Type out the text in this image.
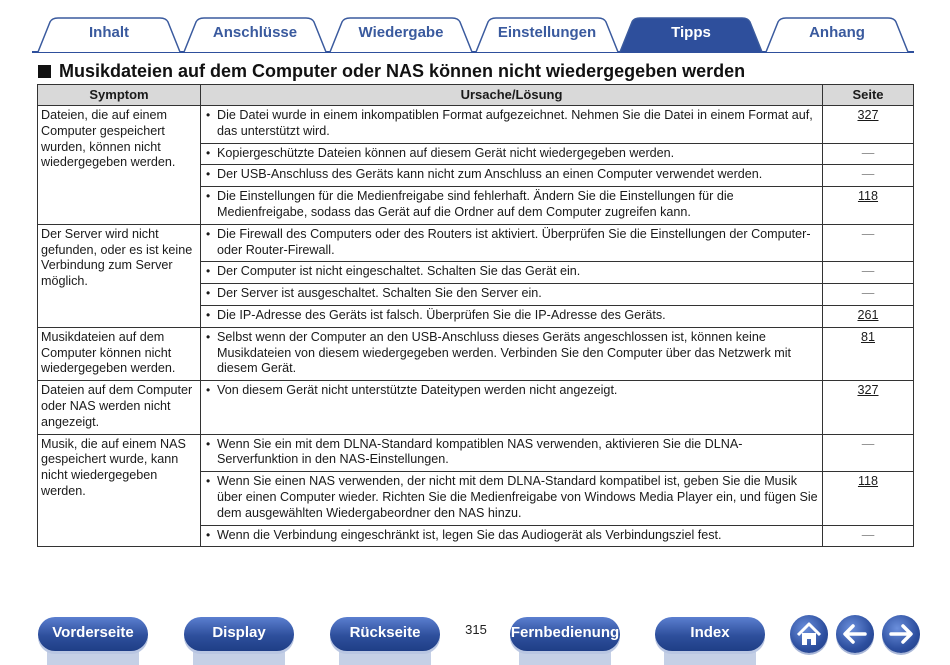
Inhalt	Anschlüsse	Wiedergabe	Einstellungen	Tipps	Anhang
Musikdateien auf dem Computer oder NAS können nicht wiedergegeben werden
Symptom	Ursache/Lösung	Seite
Dateien, die auf einem Computer gespeichert wurden, können nicht wiedergegeben werden.	• Die Datei wurde in einem inkompatiblen Format aufgezeichnet. Nehmen Sie die Datei in einem Format auf, das unterstützt wird.	327
	• Kopiergeschützte Dateien können auf diesem Gerät nicht wiedergegeben werden.	—
	• Der USB-Anschluss des Geräts kann nicht zum Anschluss an einen Computer verwendet werden.	—
	• Die Einstellungen für die Medienfreigabe sind fehlerhaft. Ändern Sie die Einstellungen für die Medienfreigabe, sodass das Gerät auf die Ordner auf dem Computer zugreifen kann.	118
Der Server wird nicht gefunden, oder es ist keine Verbindung zum Server möglich.	• Die Firewall des Computers oder des Routers ist aktiviert. Überprüfen Sie die Einstellungen der Computer- oder Router-Firewall.	—
	• Der Computer ist nicht eingeschaltet. Schalten Sie das Gerät ein.	—
	• Der Server ist ausgeschaltet. Schalten Sie den Server ein.	—
	• Die IP-Adresse des Geräts ist falsch. Überprüfen Sie die IP-Adresse des Geräts.	261
Musikdateien auf dem Computer können nicht wiedergegeben werden.	• Selbst wenn der Computer an den USB-Anschluss dieses Geräts angeschlossen ist, können keine Musikdateien von diesem wiedergegeben werden. Verbinden Sie den Computer über das Netzwerk mit diesem Gerät.	81
Dateien auf dem Computer oder NAS werden nicht angezeigt.	• Von diesem Gerät nicht unterstützte Dateitypen werden nicht angezeigt.	327
Musik, die auf einem NAS gespeichert wurde, kann nicht wiedergegeben werden.	• Wenn Sie ein mit dem DLNA-Standard kompatiblen NAS verwenden, aktivieren Sie die DLNA-Serverfunktion in den NAS-Einstellungen.	—
	• Wenn Sie einen NAS verwenden, der nicht mit dem DLNA-Standard kompatibel ist, geben Sie die Musik über einen Computer wieder. Richten Sie die Medienfreigabe von Windows Media Player ein, und fügen Sie dem ausgewählten Wiedergabeordner den NAS hinzu.	118
	• Wenn die Verbindung eingeschränkt ist, legen Sie das Audiogerät als Verbindungsziel fest.	—
Vorderseite	Display	Rückseite	Fernbedienung	Index
315
